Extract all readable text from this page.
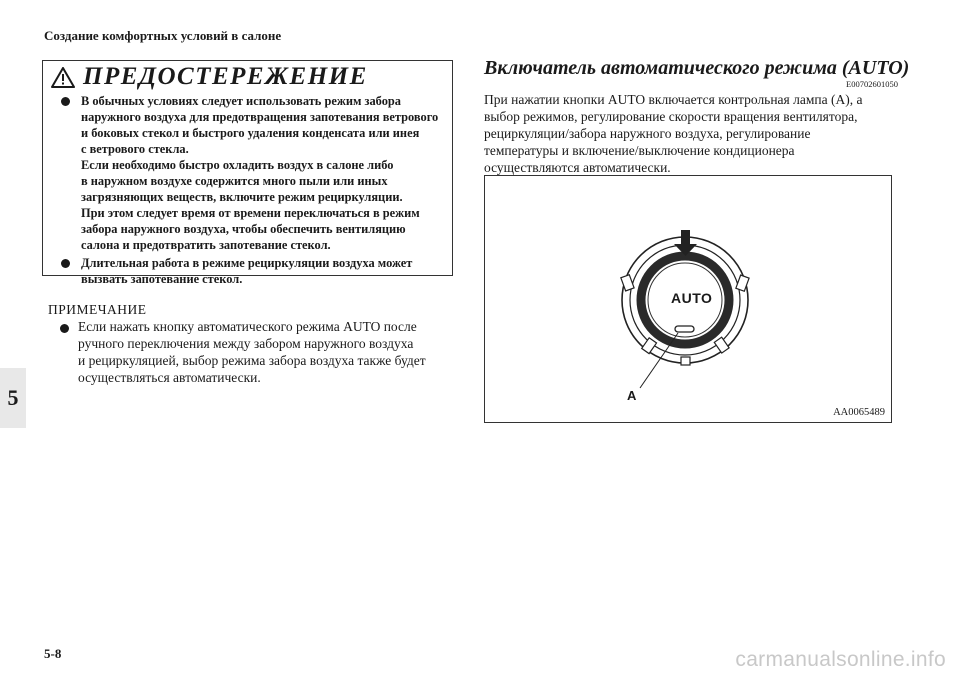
Создание комфортных условий в салоне
5
5-8	carmanualsonline.info
ПРЕДОСТЕРЕЖЕНИЕ
В обычных условиях следует использовать режим забора
наружного воздуха для предотвращения запотевания ветрового
и боковых стекол и быстрого удаления конденсата или инея
с ветрового стекла.
Если необходимо быстро охладить воздух в салоне либо
в наружном воздухе содержится много пыли или иных
загрязняющих веществ, включите режим рециркуляции.
При этом следует время от времени переключаться в режим
забора наружного воздуха, чтобы обеспечить вентиляцию
салона и предотвратить запотевание стекол.
Длительная работа в режиме рециркуляции воздуха может
вызвать запотевание стекол.
ПРИМЕЧАНИЕ
Если нажать кнопку автоматического режима AUTO после
ручного переключения между забором наружного воздуха
и рециркуляцией, выбор режима забора воздуха также будет
осуществляться автоматически.
Включатель автоматического режима (AUTO)
E00702601050
При нажатии кнопки AUTO включается контрольная лампа (А), а
выбор режимов, регулирование скорости вращения вентилятора,
рециркуляции/забора наружного воздуха, регулирование
температуры и включение/выключение кондиционера
осуществляются автоматически.
AUTO
A
AA0065489
